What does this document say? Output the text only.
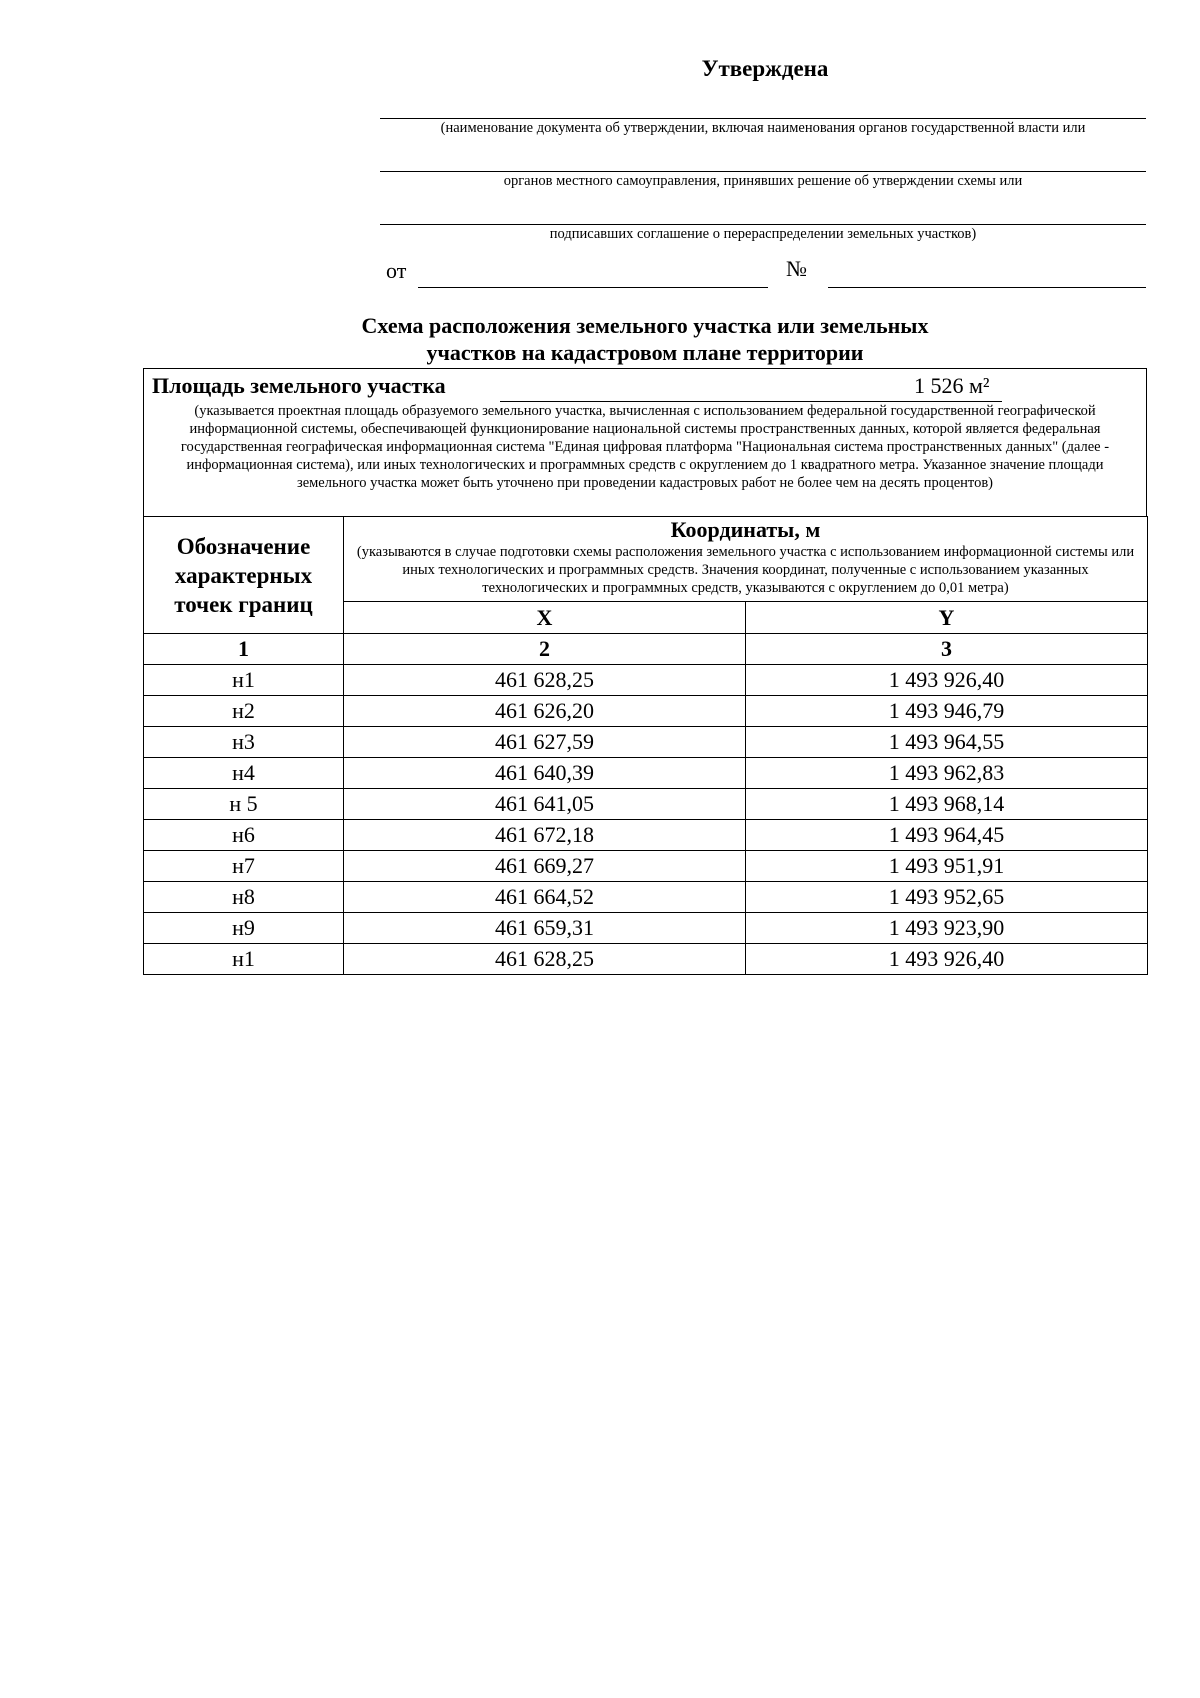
Утверждена
(наименование документа об утверждении, включая наименования органов государственной власти или
органов местного самоуправления, принявших решение об утверждении схемы или
подписавших соглашение о перераспределении земельных участков)
от	№
Схема расположения земельного участка или земельных
участков на кадастровом плане территории
Площадь земельного участка	1 526 м²
(указывается проектная площадь образуемого земельного участка, вычисленная с использованием федеральной государственной географической информационной системы, обеспечивающей функционирование национальной системы пространственных данных, которой является федеральная государственная географическая информационная система "Единая цифровая платформа "Национальная система пространственных данных" (далее - информационная система), или иных технологических и программных средств с округлением до 1 квадратного метра. Указанное значение площади земельного участка может быть уточнено при проведении кадастровых работ не более чем на десять процентов)
Обозначение характерных точек границ	Координаты, м
(указываются в случае подготовки схемы расположения земельного участка с использованием информационной системы или иных технологических и программных средств. Значения координат, полученные с использованием указанных технологических и программных средств, указываются с округлением до 0,01 метра)	

	X	Y
1	2	3
н1	461 628,25	1 493 926,40
н2	461 626,20	1 493 946,79
н3	461 627,59	1 493 964,55
н4	461 640,39	1 493 962,83
н 5	461 641,05	1 493 968,14
н6	461 672,18	1 493 964,45
н7	461 669,27	1 493 951,91
н8	461 664,52	1 493 952,65
н9	461 659,31	1 493 923,90
н1	461 628,25	1 493 926,40
